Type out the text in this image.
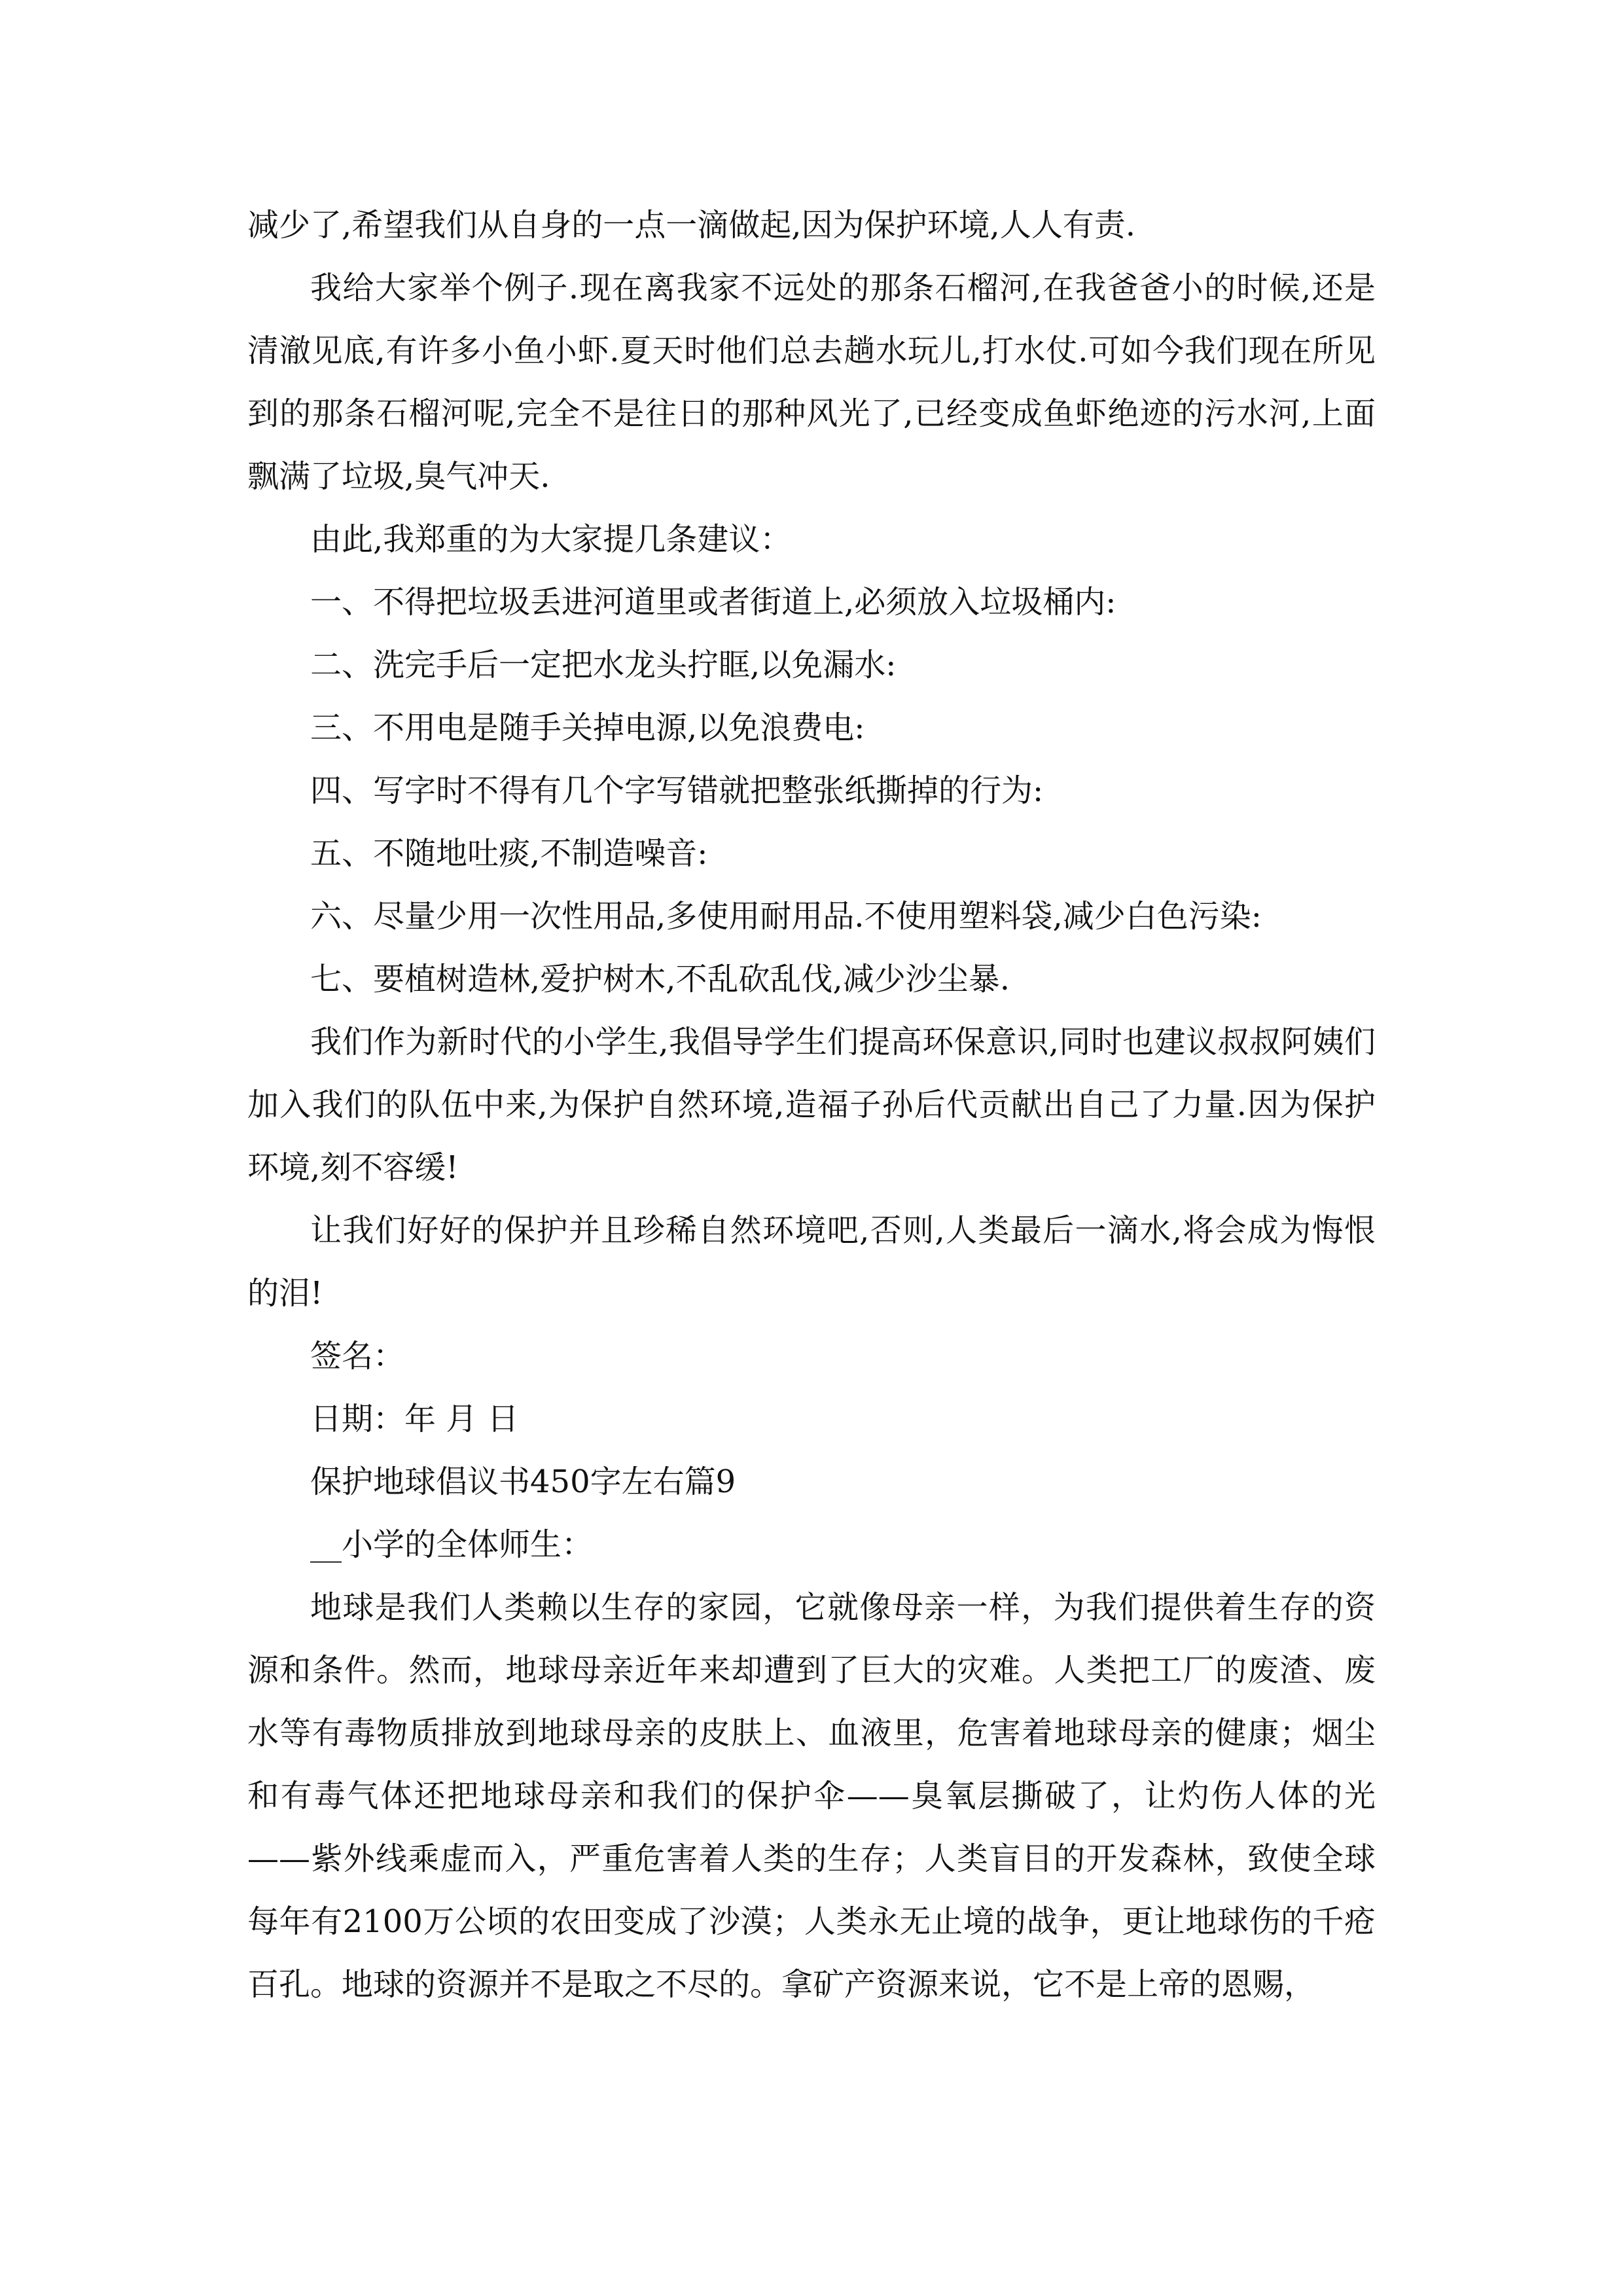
减少了,希望我们从自身的一点一滴做起,因为保护环境,人人有责.

我给大家举个例子.现在离我家不远处的那条石榴河,在我爸爸小的时候,还是清澈见底,有许多小鱼小虾.夏天时他们总去趟水玩儿,打水仗.可如今我们现在所见到的那条石榴河呢,完全不是往日的那种风光了,已经变成鱼虾绝迹的污水河,上面飘满了垃圾,臭气冲天.

由此,我郑重的为大家提几条建议：

一、不得把垃圾丢进河道里或者街道上,必须放入垃圾桶内:

二、洗完手后一定把水龙头拧眶,以免漏水:

三、不用电是随手关掉电源,以免浪费电:

四、写字时不得有几个字写错就把整张纸撕掉的行为:

五、不随地吐痰,不制造噪音:

六、尽量少用一次性用品,多使用耐用品.不使用塑料袋,减少白色污染:

七、要植树造林,爱护树木,不乱砍乱伐,减少沙尘暴.

我们作为新时代的小学生,我倡导学生们提高环保意识,同时也建议叔叔阿姨们加入我们的队伍中来,为保护自然环境,造福子孙后代贡献出自己了力量.因为保护环境,刻不容缓!

让我们好好的保护并且珍稀自然环境吧,否则,人类最后一滴水,将会成为悔恨的泪!

签名：

日期：年 月 日

保护地球倡议书450字左右篇9

__小学的全体师生：

地球是我们人类赖以生存的家园，它就像母亲一样，为我们提供着生存的资源和条件。然而，地球母亲近年来却遭到了巨大的灾难。人类把工厂的废渣、废水等有毒物质排放到地球母亲的皮肤上、血液里，危害着地球母亲的健康；烟尘和有毒气体还把地球母亲和我们的保护伞——臭氧层撕破了，让灼伤人体的光——紫外线乘虚而入，严重危害着人类的生存；人类盲目的开发森林，致使全球每年有2100万公顷的农田变成了沙漠；人类永无止境的战争，更让地球伤的千疮百孔。地球的资源并不是取之不尽的。拿矿产资源来说，它不是上帝的恩赐，
